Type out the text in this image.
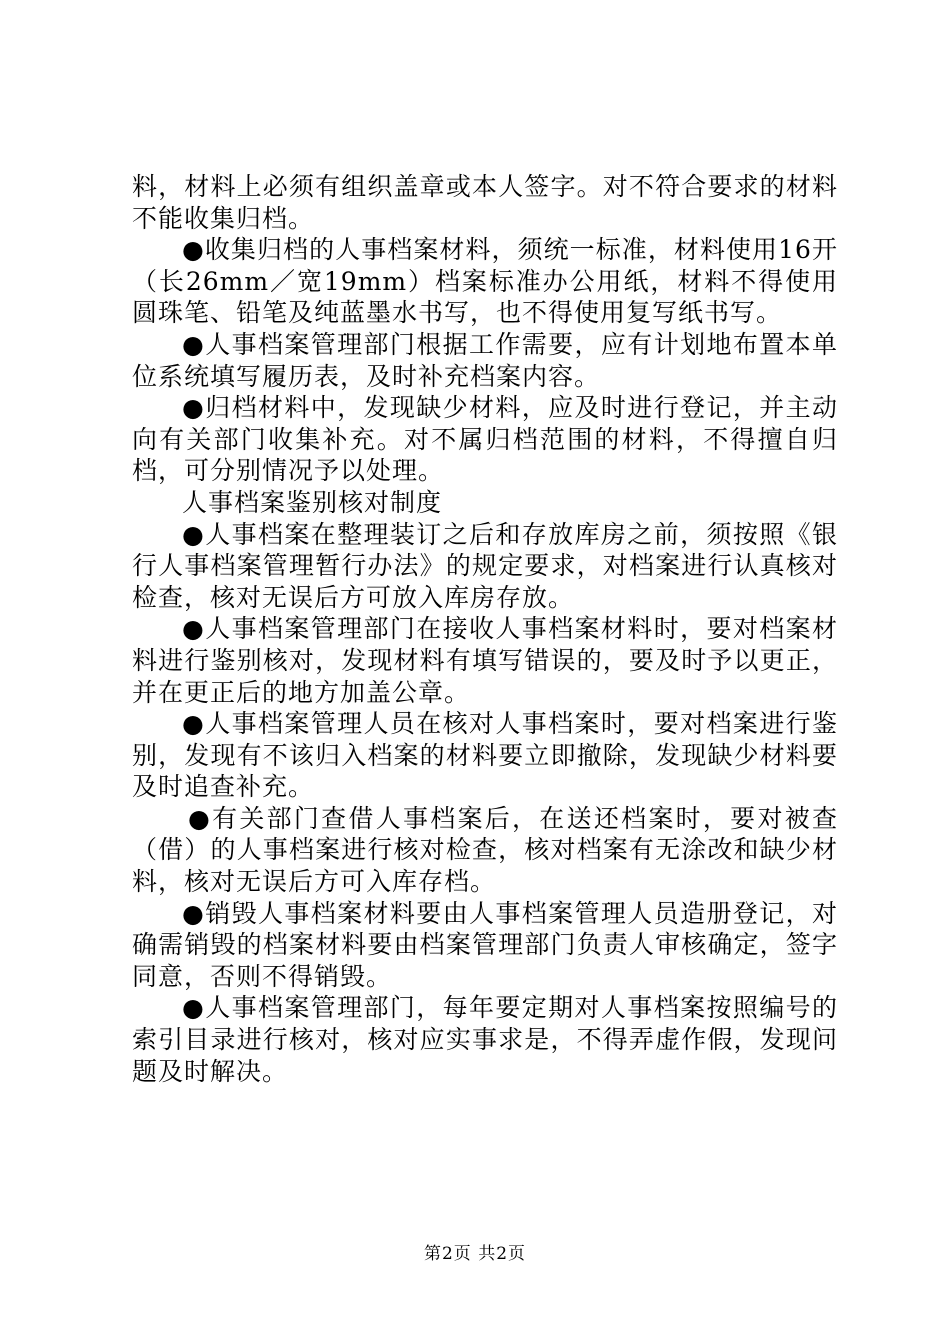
料，材料上必须有组织盖章或本人签字。对不符合要求的材料不能收集归档。

●收集归档的人事档案材料，须统一标准，材料使用16开（长26mm／宽19mm）档案标准办公用纸，材料不得使用圆珠笔、铅笔及纯蓝墨水书写，也不得使用复写纸书写。

●人事档案管理部门根据工作需要，应有计划地布置本单位系统填写履历表，及时补充档案内容。

●归档材料中，发现缺少材料，应及时进行登记，并主动向有关部门收集补充。对不属归档范围的材料，不得擅自归档，可分别情况予以处理。

人事档案鉴别核对制度

●人事档案在整理装订之后和存放库房之前，须按照《银行人事档案管理暂行办法》的规定要求，对档案进行认真核对检查，核对无误后方可放入库房存放。

●人事档案管理部门在接收人事档案材料时，要对档案材料进行鉴别核对，发现材料有填写错误的，要及时予以更正，并在更正后的地方加盖公章。

●人事档案管理人员在核对人事档案时，要对档案进行鉴别，发现有不该归入档案的材料要立即撤除，发现缺少材料要及时追查补充。

●有关部门查借人事档案后，在送还档案时，要对被查（借）的人事档案进行核对检查，核对档案有无涂改和缺少材料，核对无误后方可入库存档。

●销毁人事档案材料要由人事档案管理人员造册登记，对确需销毁的档案材料要由档案管理部门负责人审核确定，签字同意，否则不得销毁。

●人事档案管理部门，每年要定期对人事档案按照编号的索引目录进行核对，核对应实事求是，不得弄虚作假，发现问题及时解决。

第2页 共2页
